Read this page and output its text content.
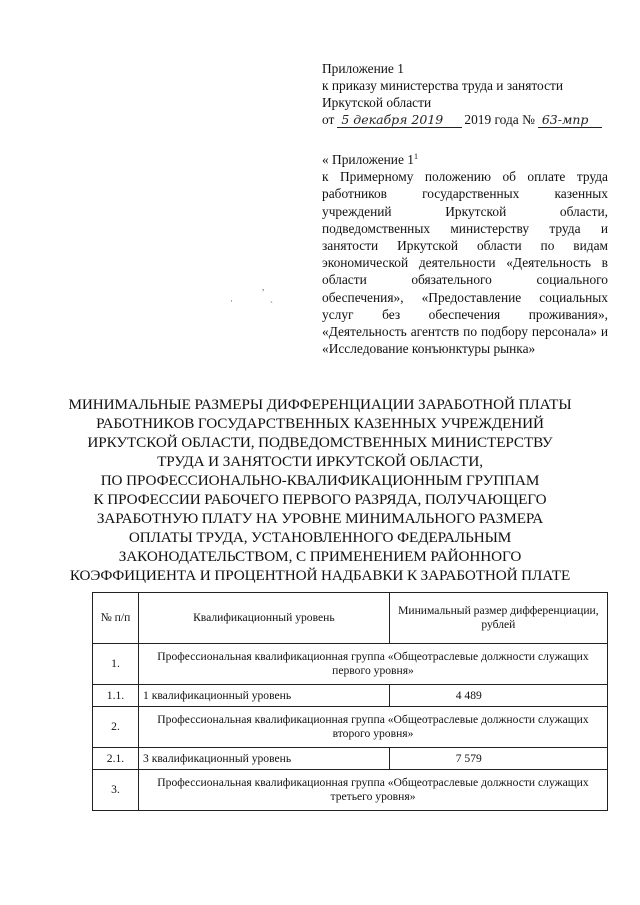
Приложение 1
к приказу министерства труда и занятости
Иркутской области
от 5 декабря 2019	2019 года № 63-мпр
« Приложение $1^1$
к Примерному положению об оплате труда работников государственных казенных учреждений Иркутской области, подведомственных министерству труда и занятости Иркутской области по видам экономической деятельности «Деятельность в области обязательного социального обеспечения», «Предоставление социальных услуг без обеспечения проживания», «Деятельность агентств по подбору персонала» и «Исследование конъюнктуры рынка»
·
,
`
МИНИМАЛЬНЫЕ РАЗМЕРЫ ДИФФЕРЕНЦИАЦИИ ЗАРАБОТНОЙ ПЛАТЫ
РАБОТНИКОВ ГОСУДАРСТВЕННЫХ КАЗЕННЫХ УЧРЕЖДЕНИЙ
ИРКУТСКОЙ ОБЛАСТИ, ПОДВЕДОМСТВЕННЫХ МИНИСТЕРСТВУ
ТРУДА И ЗАНЯТОСТИ ИРКУТСКОЙ ОБЛАСТИ,
ПО ПРОФЕССИОНАЛЬНО-КВАЛИФИКАЦИОННЫМ ГРУППАМ
К ПРОФЕССИИ РАБОЧЕГО ПЕРВОГО РАЗРЯДА, ПОЛУЧАЮЩЕГО
ЗАРАБОТНУЮ ПЛАТУ НА УРОВНЕ МИНИМАЛЬНОГО РАЗМЕРА
ОПЛАТЫ ТРУДА, УСТАНОВЛЕННОГО ФЕДЕРАЛЬНЫМ
ЗАКОНОДАТЕЛЬСТВОМ, С ПРИМЕНЕНИЕМ РАЙОННОГО
КОЭФФИЦИЕНТА И ПРОЦЕНТНОЙ НАДБАВКИ К ЗАРАБОТНОЙ ПЛАТЕ
№ п/п	Квалификационный уровень	Минимальный размер дифференциации, рублей
1.	Профессиональная квалификационная группа «Общеотраслевые должности служащих первого уровня»	
1.1.	1 квалификационный уровень	4 489
2.	Профессиональная квалификационная группа «Общеотраслевые должности служащих второго уровня»	
2.1.	3 квалификационный уровень	7 579
3.	Профессиональная квалификационная группа «Общеотраслевые должности служащих третьего уровня»	
